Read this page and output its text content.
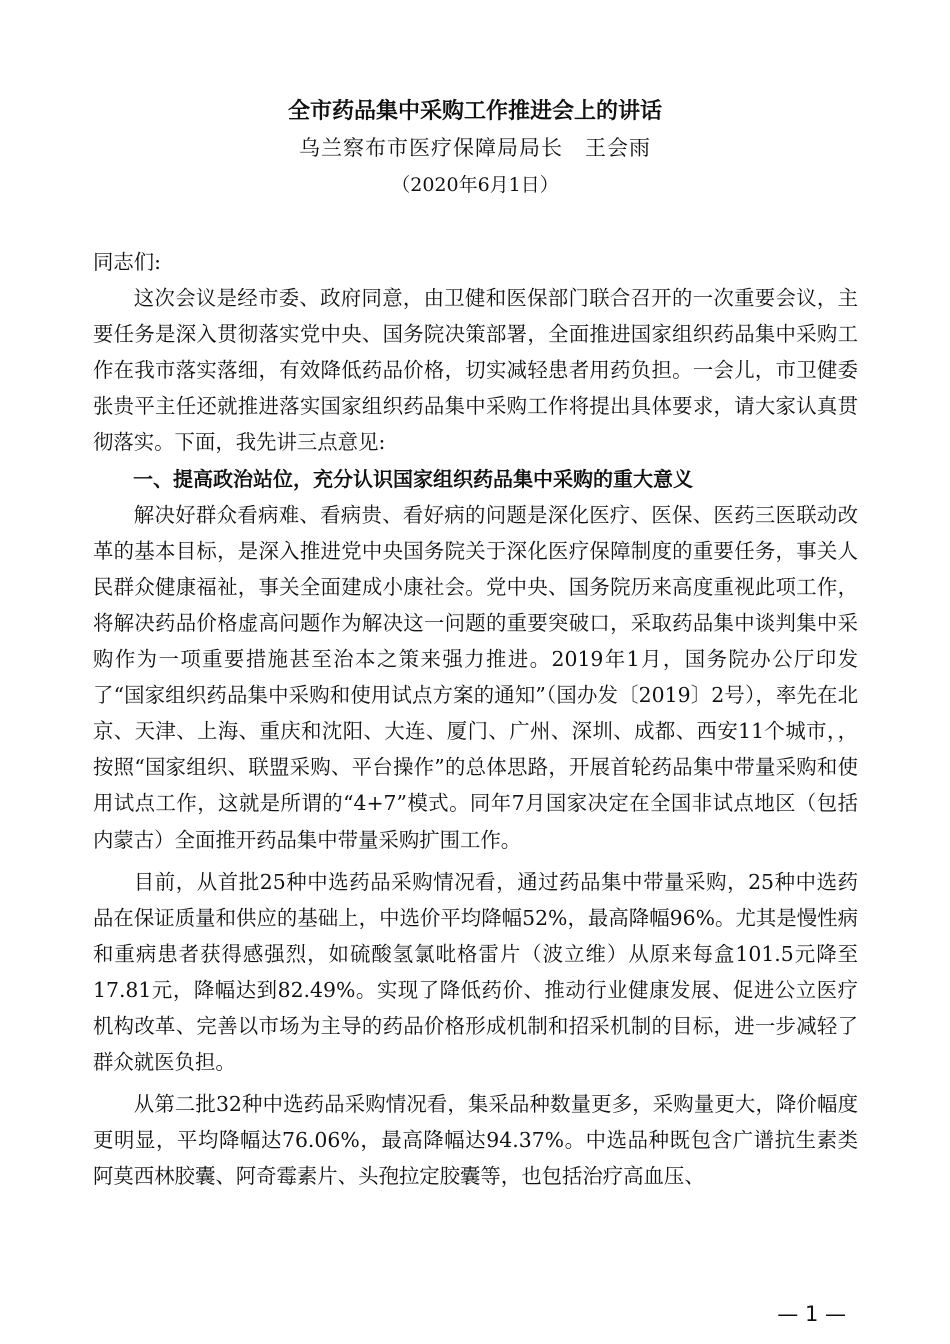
全市药品集中采购工作推进会上的讲话
乌兰察布市医疗保障局局长 王会雨
（2020年6月1日）

同志们:

这次会议是经市委、政府同意，由卫健和医保部门联合召开的一次重要会议，主要任务是深入贯彻落实党中央、国务院决策部署，全面推进国家组织药品集中采购工作在我市落实落细，有效降低药品价格，切实减轻患者用药负担。一会儿，市卫健委张贵平主任还就推进落实国家组织药品集中采购工作将提出具体要求，请大家认真贯彻落实。下面，我先讲三点意见:

一、提高政治站位，充分认识国家组织药品集中采购的重大意义

解决好群众看病难、看病贵、看好病的问题是深化医疗、医保、医药三医联动改革的基本目标，是深入推进党中央国务院关于深化医疗保障制度的重要任务，事关人民群众健康福祉，事关全面建成小康社会。党中央、国务院历来高度重视此项工作，将解决药品价格虚高问题作为解决这一问题的重要突破口，采取药品集中谈判集中采购作为一项重要措施甚至治本之策来强力推进。2019年1月，国务院办公厅印发了“国家组织药品集中采购和使用试点方案的通知”（国办发〔2019〕2号），率先在北京、天津、上海、重庆和沈阳、大连、厦门、广州、深圳、成都、西安11个城市，，按照“国家组织、联盟采购、平台操作”的总体思路，开展首轮药品集中带量采购和使用试点工作，这就是所谓的“4+7”模式。同年7月国家决定在全国非试点地区（包括内蒙古）全面推开药品集中带量采购扩围工作。

目前，从首批25种中选药品采购情况看，通过药品集中带量采购，25种中选药品在保证质量和供应的基础上，中选价平均降幅52%，最高降幅96%。尤其是慢性病和重病患者获得感强烈，如硫酸氢氯吡格雷片（波立维）从原来每盒101.5元降至17.81元，降幅达到82.49%。实现了降低药价、推动行业健康发展、促进公立医疗机构改革、完善以市场为主导的药品价格形成机制和招采机制的目标，进一步减轻了群众就医负担。

从第二批32种中选药品采购情况看，集采品种数量更多，采购量更大，降价幅度更明显，平均降幅达76.06%，最高降幅达94.37%。中选品种既包含广谱抗生素类阿莫西林胶囊、阿奇霉素片、头孢拉定胶囊等，也包括治疗高血压、

— 1 —
